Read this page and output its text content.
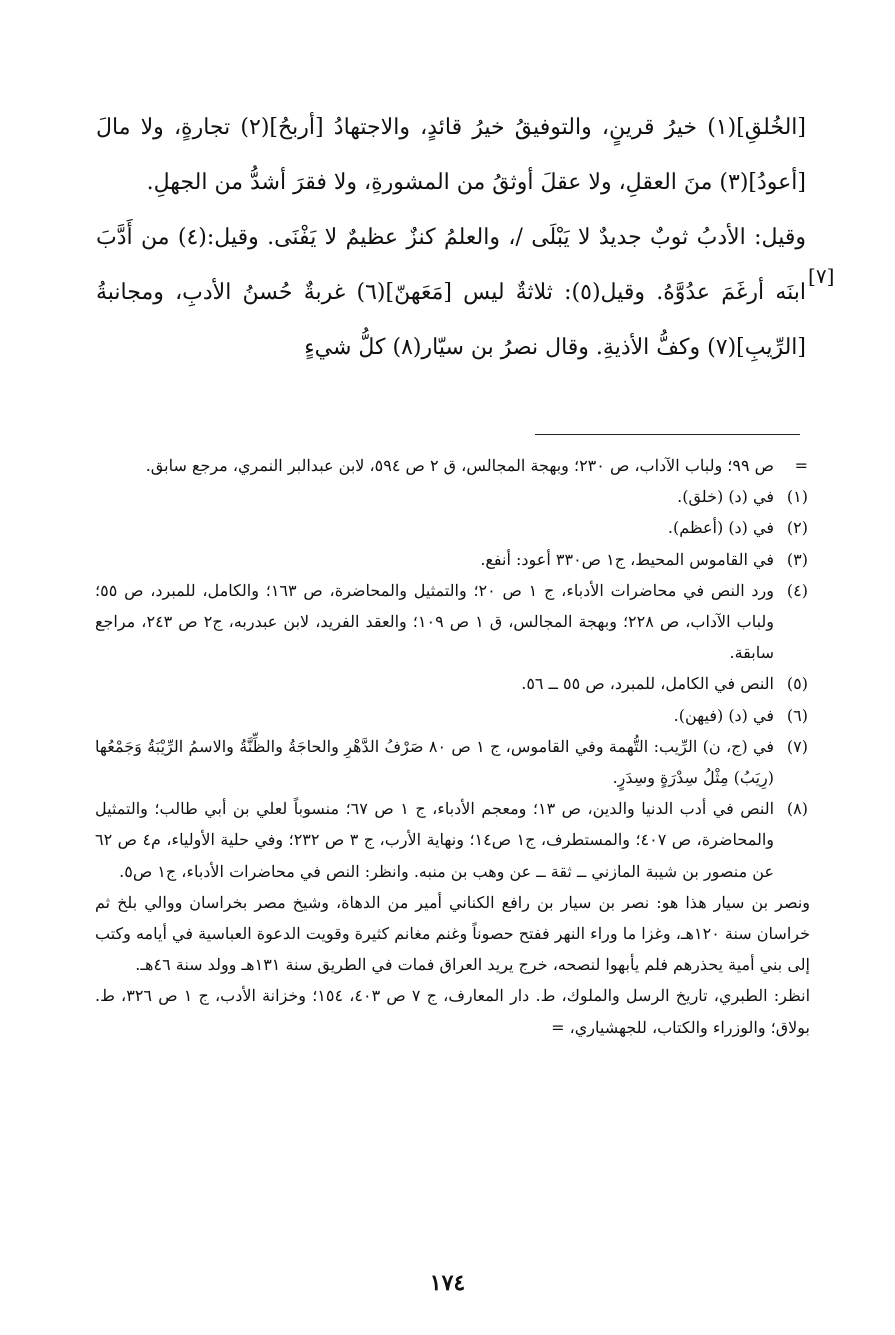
[الخُلقِ](١) خيرُ قرينٍ، والتوفيقُ خيرُ قائدٍ، والاجتهادُ [أربحُ](٢) تجارةٍ، ولا مالَ [أعودُ](٣) منَ العقلِ، ولا عقلَ أوثقُ من المشورةِ، ولا فقرَ أشدُّ من الجهلِ.

وقيل: الأدبُ ثوبٌ جديدٌ لا يَبْلَى /، والعلمُ كنزٌ عظيمٌ لا يَفْنَى. وقيل:(٤) من أَدَّبَ ابنَه أرغَمَ عدُوَّهُ. وقيل(٥): ثلاثةٌ ليس [مَعَهنّ](٦) غربةٌ حُسنُ الأدبِ، ومجانبةُ [الرِّيبِ](٧) وكفُّ الأذيةِ. وقال نصرُ بن سيّار(٨) كلُّ شيءٍ

[٧]
=
ص ٩٩؛ ولباب الآداب، ص ٢٣٠؛ وبهجة المجالس، ق ٢ ص ٥٩٤، لابن عبدالبر النمري، مرجع سابق.
(١)
في (د) (خلق).
(٢)
في (د) (أعظم).
(٣)
في القاموس المحيط، ج١ ص٣٣٠ أعود: أنفع.
(٤)
ورد النص في محاضرات الأدباء، ج ١ ص ٢٠؛ والتمثيل والمحاضرة، ص ١٦٣؛ والكامل، للمبرد، ص ٥٥؛ ولباب الآداب، ص ٢٢٨؛ وبهجة المجالس، ق ١ ص ١٠٩؛ والعقد الفريد، لابن عبدربه، ج٢ ص ٢٤٣، مراجع سابقة.
(٥)
النص في الكامل، للمبرد، ص ٥٥ ــ ٥٦.
(٦)
في (د) (فيهن).
(٧)
في (ج، ن) الرِّيب: التُّهمة وفي القاموس، ج ١ ص ٨٠ صَرْفُ الدَّهْرِ والحاجَةُ والظِّنَّةُ والاسمُ الرِّيْبَةُ وَجَمْعُها (رِيَبُ) مِثْلُ سِدْرَةٍ وسِدَرٍ.
(٨)
النص في أدب الدنيا والدين، ص ١٣؛ ومعجم الأدباء، ج ١ ص ٦٧؛ منسوباً لعلي بن أبي طالب؛ والتمثيل والمحاضرة، ص ٤٠٧؛ والمستطرف، ج١ ص١٤؛ ونهاية الأرب، ج ٣ ص ٢٣٢؛ وفي حلية الأولياء، م٤ ص ٦٢ عن منصور بن شيبة المازني ــ ثقة ــ عن وهب بن منبه. وانظر: النص في محاضرات الأدباء، ج١ ص٥.
ونصر بن سيار هذا هو: نصر بن سيار بن رافع الكناني أمير من الدهاة، وشيخ مصر بخراسان ووالي بلخ ثم خراسان سنة ١٢٠هـ، وغزا ما وراء النهر ففتح حصوناً وغنم مغانم كثيرة وقويت الدعوة العباسية في أيامه وكتب إلى بني أمية يحذرهم فلم يأبهوا لنصحه، خرج يريد العراق فمات في الطريق سنة ١٣١هـ وولد سنة ٤٦هـ.
انظر: الطبري، تاريخ الرسل والملوك، ط. دار المعارف، ج ٧ ص ٤٠٣، ١٥٤؛ وخزانة الأدب، ج ١ ص ٣٢٦، ط. بولاق؛ والوزراء والكتاب، للجهشياري، =
١٧٤
